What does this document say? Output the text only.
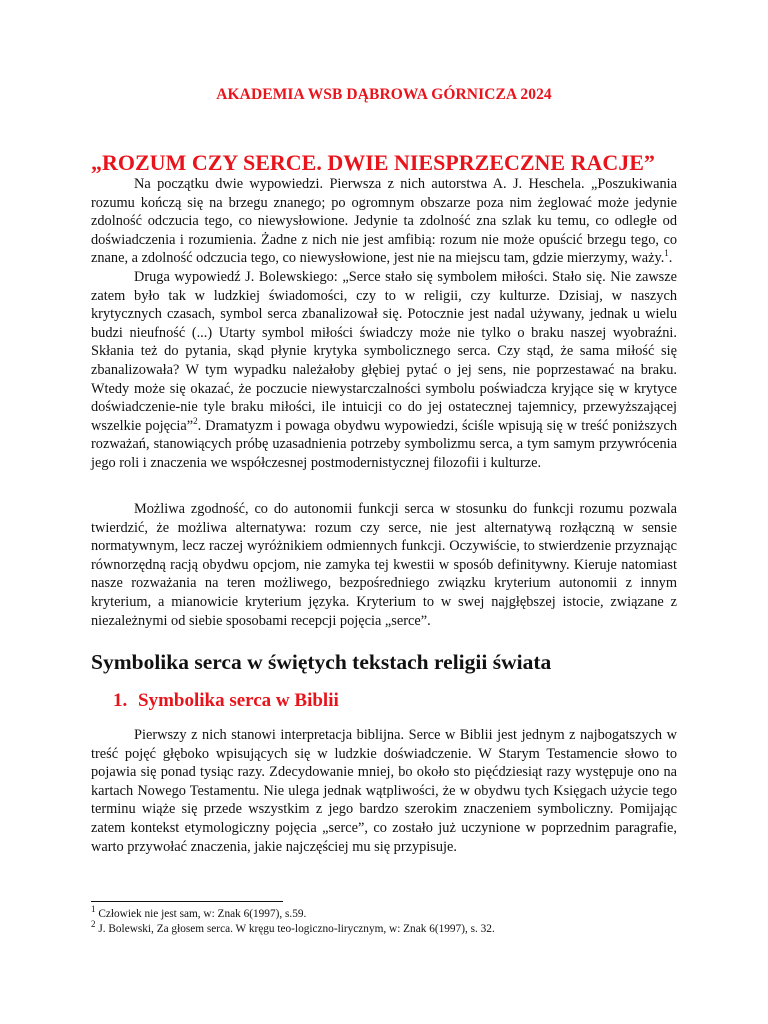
AKADEMIA WSB DĄBROWA GÓRNICZA 2024
„ROZUM CZY SERCE. DWIE NIESPRZECZNE RACJE”

Na początku dwie wypowiedzi. Pierwsza z nich autorstwa A. J. Heschela. „Poszukiwania rozumu kończą się na brzegu znanego; po ogromnym obszarze poza nim żeglować może jedynie zdolność odczucia tego, co niewysłowione. Jedynie ta zdolność zna szlak ku temu, co odległe od doświadczenia i rozumienia. Żadne z nich nie jest amfibią: rozum nie może opuścić brzegu tego, co znane, a zdolność odczucia tego, co niewysłowione, jest nie na miejscu tam, gdzie mierzymy, waży.$^1$.

Druga wypowiedź J. Bolewskiego: „Serce stało się symbolem miłości. Stało się. Nie zawsze zatem było tak w ludzkiej świadomości, czy to w religii, czy kulturze. Dzisiaj, w naszych krytycznych czasach, symbol serca zbanalizował się. Potocznie jest nadal używany, jednak u wielu budzi nieufność (...) Utarty symbol miłości świadczy może nie tylko o braku naszej wyobraźni. Skłania też do pytania, skąd płynie krytyka symbolicznego serca. Czy stąd, że sama miłość się zbanalizowała? W tym wypadku należałoby głębiej pytać o jej sens, nie poprzestawać na braku. Wtedy może się okazać, że poczucie niewystarczalności symbolu poświadcza kryjące się w krytyce doświadczenie-nie tyle braku miłości, ile intuicji co do jej ostatecznej tajemnicy, przewyższającej wszelkie pojęcia”$^2$. Dramatyzm i powaga obydwu wypowiedzi, ściśle wpisują się w treść poniższych rozważań, stanowiących próbę uzasadnienia potrzeby symbolizmu serca, a tym samym przywrócenia jego roli i znaczenia we współczesnej postmodernistycznej filozofii i kulturze.

Możliwa zgodność, co do autonomii funkcji serca w stosunku do funkcji rozumu pozwala twierdzić, że możliwa alternatywa: rozum czy serce, nie jest alternatywą rozłączną w sensie normatywnym, lecz raczej wyróżnikiem odmiennych funkcji. Oczywiście, to stwierdzenie przyznając równorzędną racją obydwu opcjom, nie zamyka tej kwestii w sposób definitywny. Kieruje natomiast nasze rozważania na teren możliwego, bezpośredniego związku kryterium autonomii z innym kryterium, a mianowicie kryterium języka. Kryterium to w swej najgłębszej istocie, związane z niezależnymi od siebie sposobami recepcji pojęcia „serce”.

Symbolika serca w świętych tekstach religii świata
1. Symbolika serca w Biblii

Pierwszy z nich stanowi interpretacja biblijna. Serce w Biblii jest jednym z najbogatszych w treść pojęć głęboko wpisujących się w ludzkie doświadczenie. W Starym Testamencie słowo to pojawia się ponad tysiąc razy. Zdecydowanie mniej, bo około sto pięćdziesiąt razy występuje ono na kartach Nowego Testamentu. Nie ulega jednak wątpliwości, że w obydwu tych Księgach użycie tego terminu wiąże się przede wszystkim z jego bardzo szerokim znaczeniem symboliczny. Pomijając zatem kontekst etymologiczny pojęcia „serce”, co zostało już uczynione w poprzednim paragrafie, warto przywołać znaczenia, jakie najczęściej mu się przypisuje.

$^1$ Człowiek nie jest sam, w: Znak 6(1997), s.59.
$^2$ J. Bolewski, Za głosem serca. W kręgu teo-logiczno-lirycznym, w: Znak 6(1997), s. 32.
